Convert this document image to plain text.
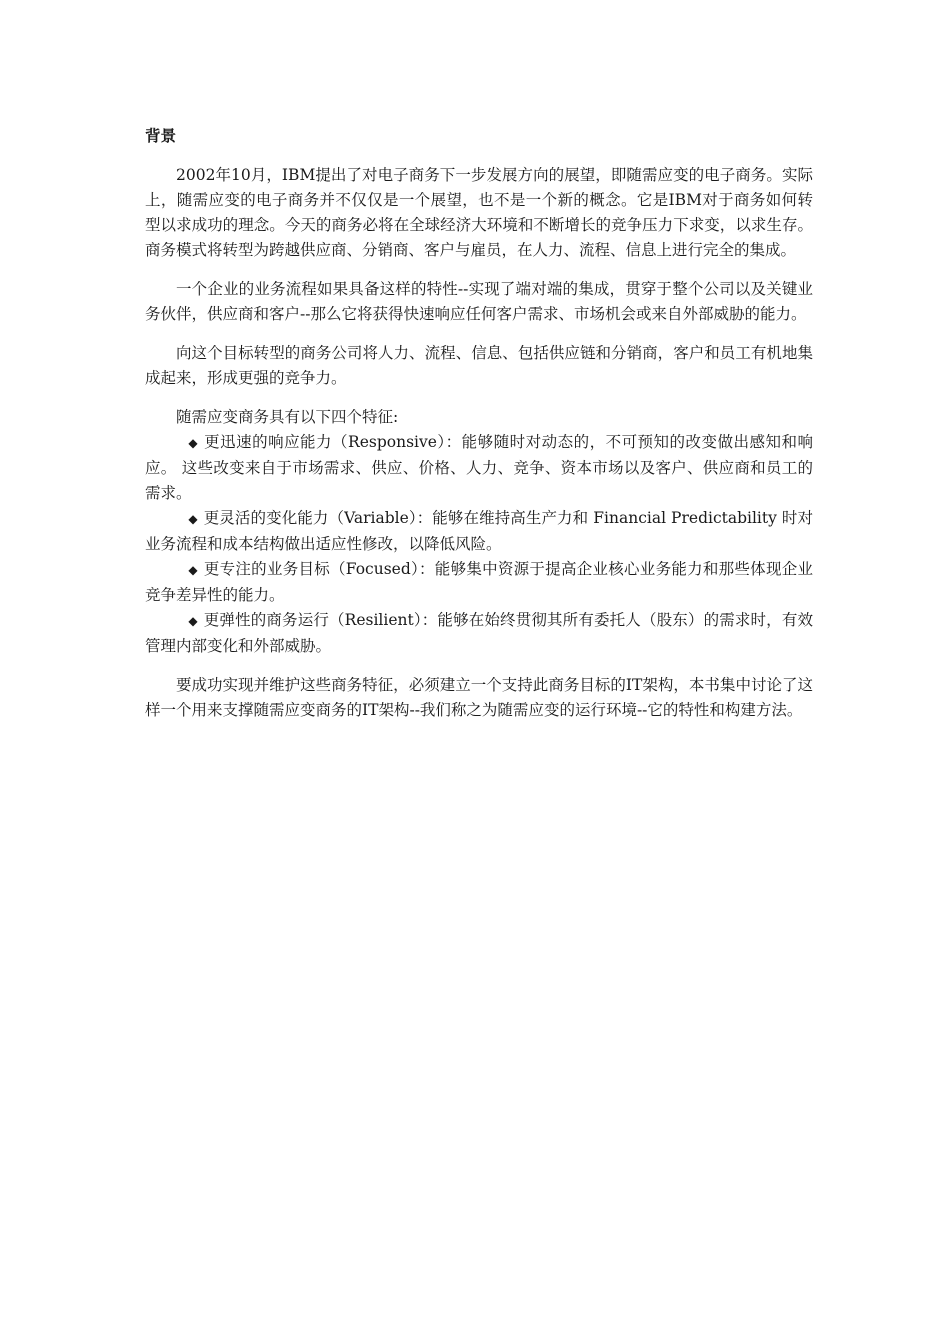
背景

2002年10月，IBM提出了对电子商务下一步发展方向的展望，即随需应变的电子商务。实际上，随需应变的电子商务并不仅仅是一个展望，也不是一个新的概念。它是IBM对于商务如何转型以求成功的理念。今天的商务必将在全球经济大环境和不断增长的竞争压力下求变，以求生存。 商务模式将转型为跨越供应商、分销商、客户与雇员，在人力、流程、信息上进行完全的集成。

一个企业的业务流程如果具备这样的特性--实现了端对端的集成，贯穿于整个公司以及关键业务伙伴，供应商和客户--那么它将获得快速响应任何客户需求、市场机会或来自外部威胁的能力。

向这个目标转型的商务公司将人力、流程、信息、包括供应链和分销商，客户和员工有机地集成起来，形成更强的竞争力。

随需应变商务具有以下四个特征:

◆ 更迅速的响应能力（Responsive）：能够随时对动态的，不可预知的改变做出感知和响应。 这些改变来自于市场需求、供应、价格、人力、竞争、资本市场以及客户、供应商和员工的需求。

◆ 更灵活的变化能力（Variable）：能够在维持高生产力和 Financial Predictability 时对业务流程和成本结构做出适应性修改，以降低风险。

◆ 更专注的业务目标（Focused）：能够集中资源于提高企业核心业务能力和那些体现企业竞争差异性的能力。

◆ 更弹性的商务运行（Resilient）：能够在始终贯彻其所有委托人（股东）的需求时，有效管理内部变化和外部威胁。

要成功实现并维护这些商务特征，必须建立一个支持此商务目标的IT架构，本书集中讨论了这样一个用来支撑随需应变商务的IT架构--我们称之为随需应变的运行环境--它的特性和构建方法。
